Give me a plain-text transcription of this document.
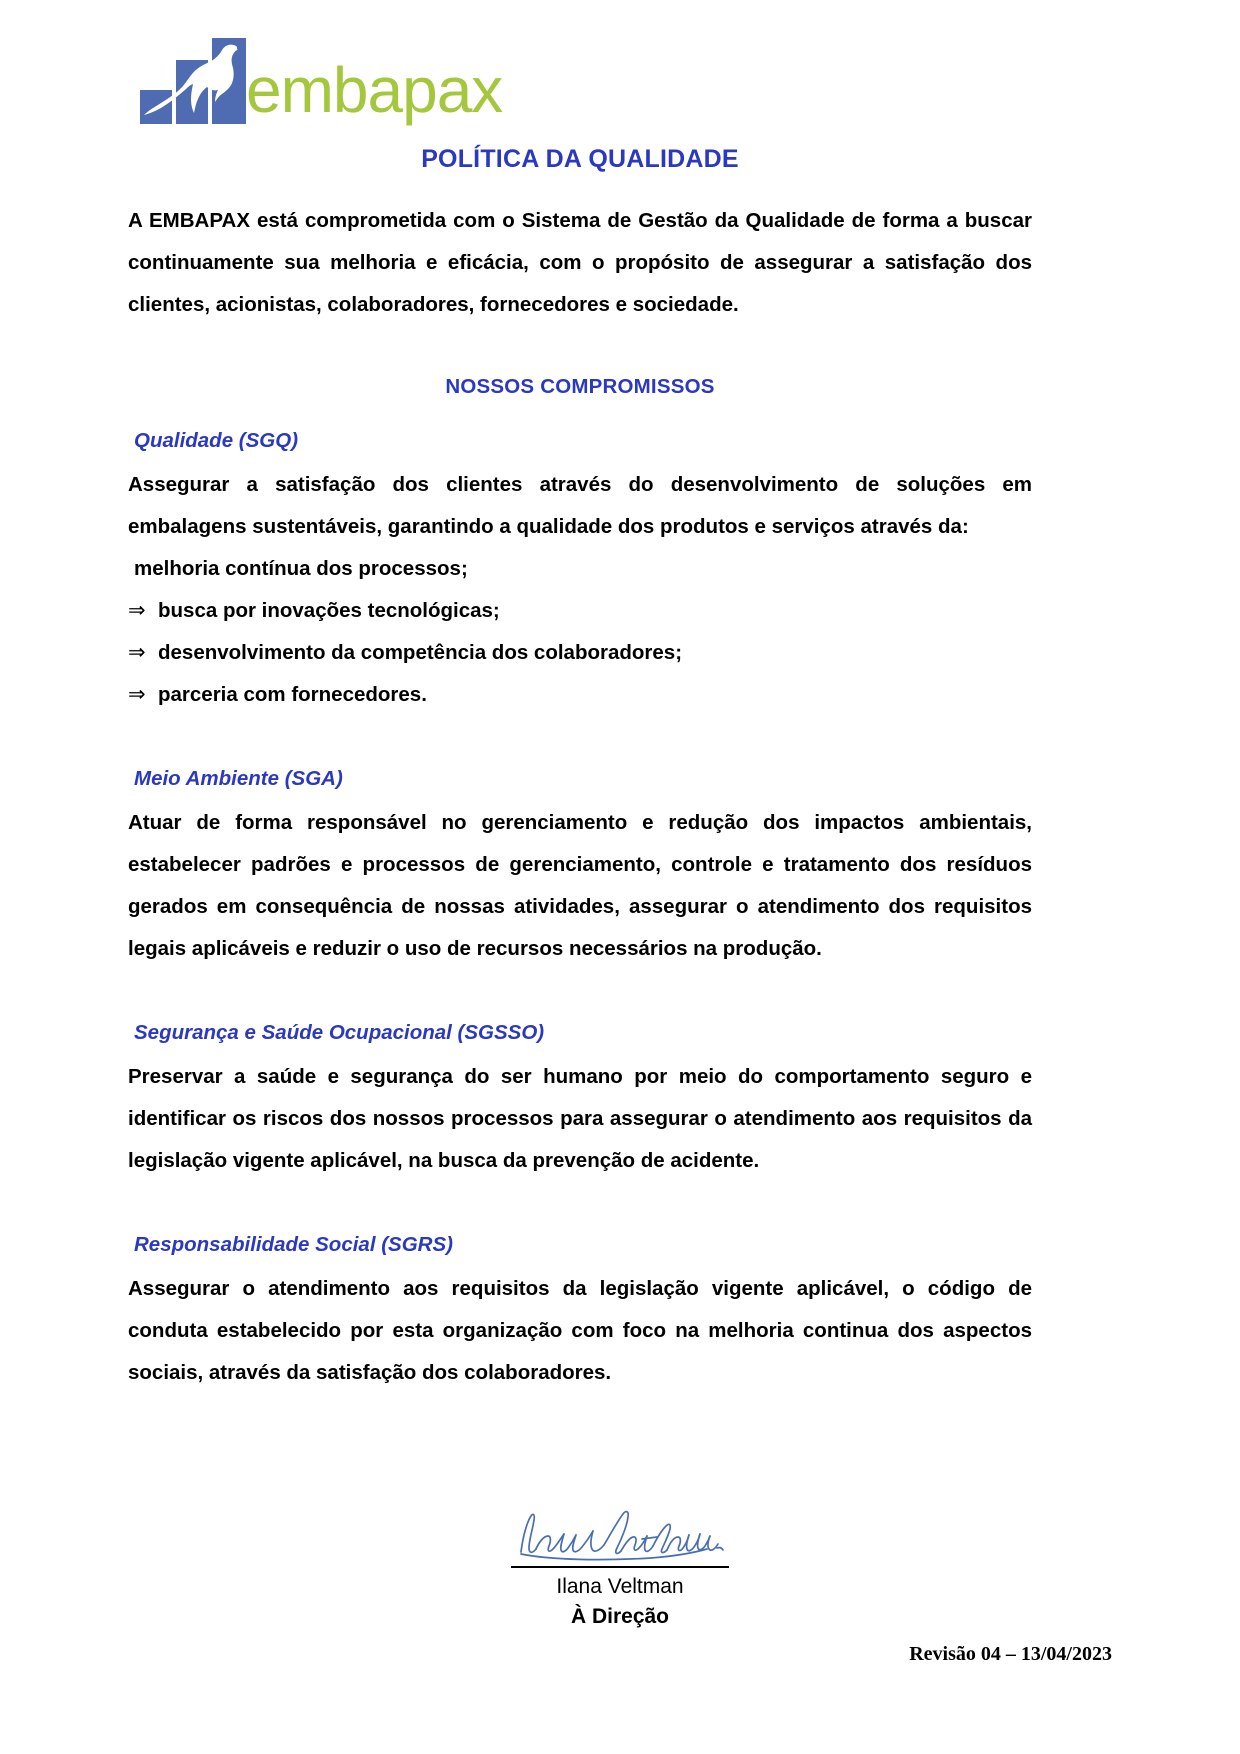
embapax
POLÍTICA DA QUALIDADE

A EMBAPAX está comprometida com o Sistema de Gestão da Qualidade de forma a buscar continuamente sua melhoria e eficácia, com o propósito de assegurar a satisfação dos clientes, acionistas, colaboradores, fornecedores e sociedade.

NOSSOS COMPROMISSOS
Qualidade (SGQ)

Assegurar a satisfação dos clientes através do desenvolvimento de soluções em embalagens sustentáveis, garantindo a qualidade dos produtos e serviços através da:

melhoria contínua dos processos;
⇒ busca por inovações tecnológicas;
⇒ desenvolvimento da competência dos colaboradores;
⇒ parceria com fornecedores.
Meio Ambiente (SGA)

Atuar de forma responsável no gerenciamento e redução dos impactos ambientais, estabelecer padrões e processos de gerenciamento, controle e tratamento dos resíduos gerados em consequência de nossas atividades, assegurar o atendimento dos requisitos legais aplicáveis e reduzir o uso de recursos necessários na produção.

Segurança e Saúde Ocupacional (SGSSO)

Preservar a saúde e segurança do ser humano por meio do comportamento seguro e identificar os riscos dos nossos processos para assegurar o atendimento aos requisitos da legislação vigente aplicável, na busca da prevenção de acidente.

Responsabilidade Social (SGRS)

Assegurar o atendimento aos requisitos da legislação vigente aplicável, o código de conduta estabelecido por esta organização com foco na melhoria continua dos aspectos sociais, através da satisfação dos colaboradores.

Ilana Veltman
À Direção
Revisão 04 – 13/04/2023
